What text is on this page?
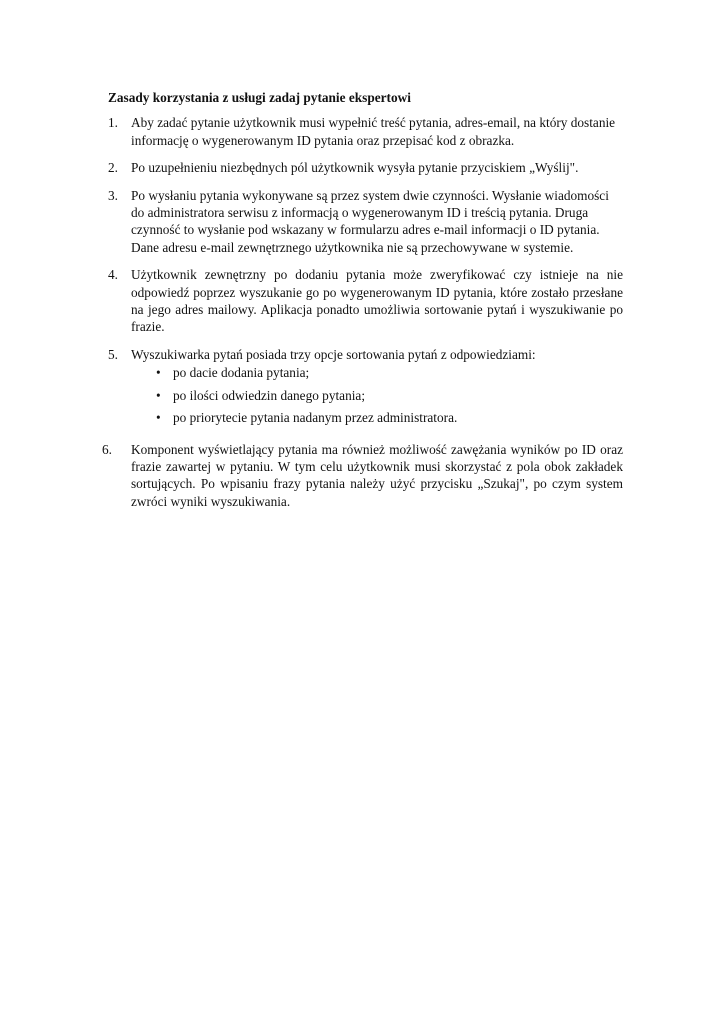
Zasady korzystania z usługi zadaj pytanie ekspertowi
1. Aby zadać pytanie użytkownik musi wypełnić treść pytania, adres-email, na który dostanie informację o wygenerowanym ID pytania oraz przepisać kod z obrazka.
2. Po uzupełnieniu niezbędnych pól użytkownik wysyła pytanie przyciskiem „Wyślij".
3. Po wysłaniu pytania wykonywane są przez system dwie czynności. Wysłanie wiadomości do administratora serwisu z informacją o wygenerowanym ID i treścią pytania. Druga czynność to wysłanie pod wskazany w formularzu adres e-mail informacji o ID pytania. Dane adresu e-mail zewnętrznego użytkownika nie są przechowywane w systemie.
4. Użytkownik zewnętrzny po dodaniu pytania może zweryfikować czy istnieje na nie odpowiedź poprzez wyszukanie go po wygenerowanym ID pytania, które zostało przesłane na jego adres mailowy. Aplikacja ponadto umożliwia sortowanie pytań i wyszukiwanie po frazie.
5. Wyszukiwarka pytań posiada trzy opcje sortowania pytań z odpowiedziami:
• po dacie dodania pytania;
• po ilości odwiedzin danego pytania;
• po priorytecie pytania nadanym przez administratora.
6. Komponent wyświetlający pytania ma również możliwość zawężania wyników po ID oraz frazie zawartej w pytaniu. W tym celu użytkownik musi skorzystać z pola obok zakładek sortujących. Po wpisaniu frazy pytania należy użyć przycisku „Szukaj", po czym system zwróci wyniki wyszukiwania.
